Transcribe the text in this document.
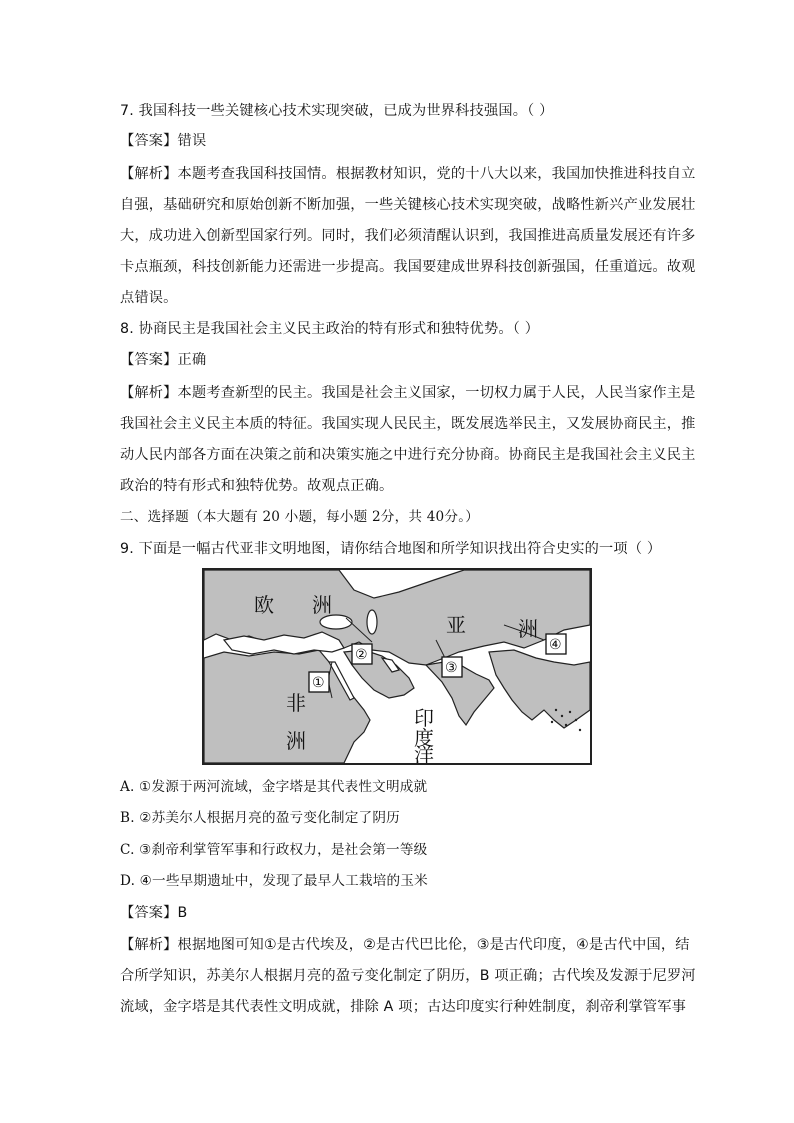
7. 我国科技一些关键核心技术实现突破，已成为世界科技强国。（ ）
【答案】错误
【解析】本题考查我国科技国情。根据教材知识，党的十八大以来，我国加快推进科技自立
自强，基础研究和原始创新不断加强，一些关键核心技术实现突破，战略性新兴产业发展壮
大，成功进入创新型国家行列。同时，我们必须清醒认识到，我国推进高质量发展还有许多
卡点瓶颈，科技创新能力还需进一步提高。我国要建成世界科技创新强国，任重道远。故观
点错误。
8. 协商民主是我国社会主义民主政治的特有形式和独特优势。（ ）
【答案】正确
【解析】本题考查新型的民主。我国是社会主义国家，一切权力属于人民，人民当家作主是
我国社会主义民主本质的特征。我国实现人民民主，既发展选举民主，又发展协商民主，推
动人民内部各方面在决策之前和决策实施之中进行充分协商。协商民主是我国社会主义民主
政治的特有形式和独特优势。故观点正确。
二、选择题（本大题有 20 小题，每小题 2分，共 40分。）
9. 下面是一幅古代亚非文明地图，请你结合地图和所学知识找出符合史实的一项（ ）
欧 洲
亚	洲
非
洲
印
度
洋
①
②
③
④
A. ①发源于两河流域，金字塔是其代表性文明成就
B. ②苏美尔人根据月亮的盈亏变化制定了阴历
C. ③刹帝利掌管军事和行政权力，是社会第一等级
D. ④一些早期遗址中，发现了最早人工栽培的玉米
【答案】B
【解析】根据地图可知①是古代埃及，②是古代巴比伦，③是古代印度，④是古代中国，结
合所学知识，苏美尔人根据月亮的盈亏变化制定了阴历，B 项正确；古代埃及发源于尼罗河
流域，金字塔是其代表性文明成就，排除 A 项；古达印度实行种姓制度，刹帝利掌管军事
